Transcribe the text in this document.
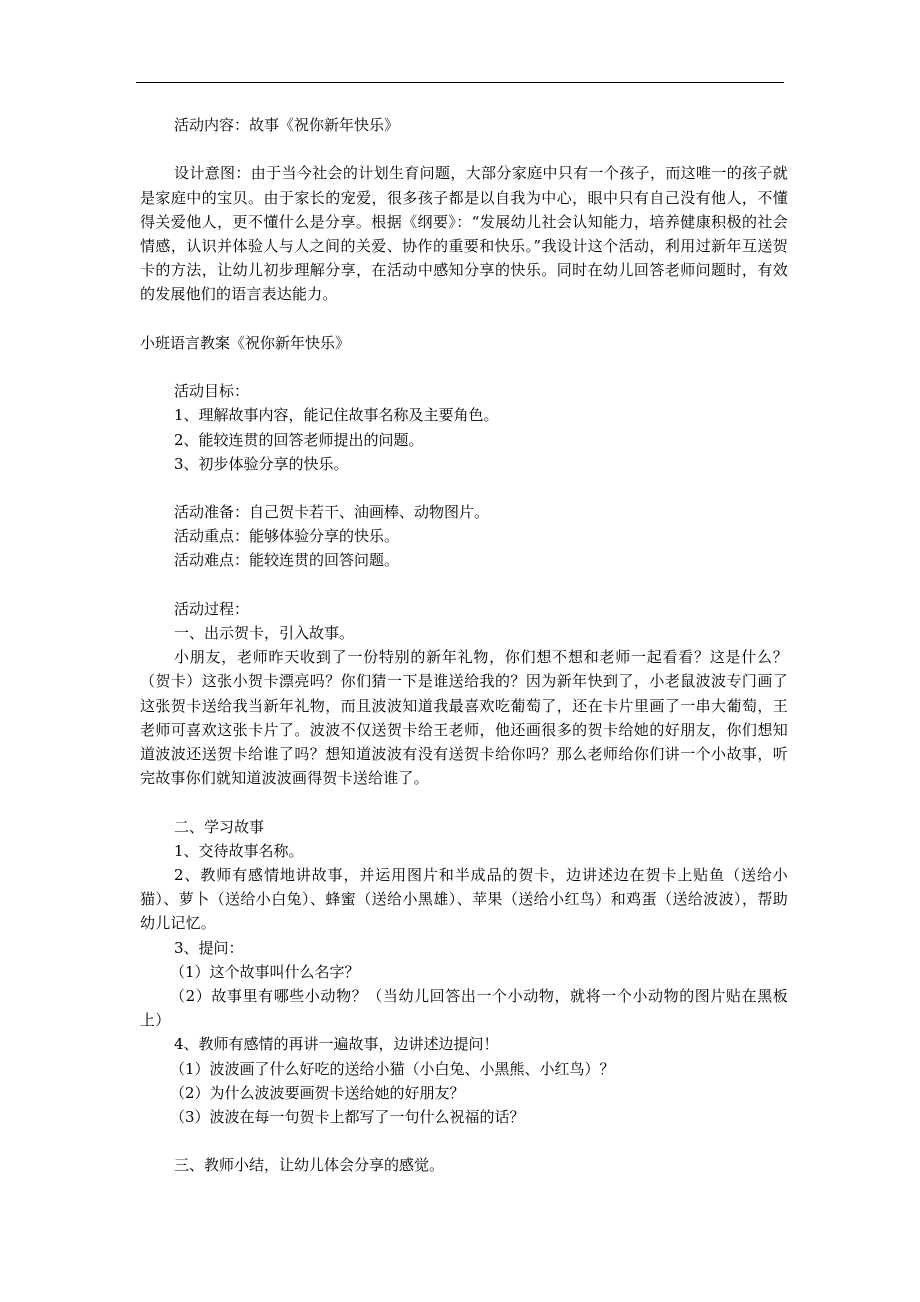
活动内容：故事《祝你新年快乐》
设计意图：由于当今社会的计划生育问题，大部分家庭中只有一个孩子，而这唯一的孩子就是家庭中的宝贝。由于家长的宠爱，很多孩子都是以自我为中心，眼中只有自己没有他人，不懂得关爱他人，更不懂什么是分享。根据《纲要》：“发展幼儿社会认知能力，培养健康积极的社会情感，认识并体验人与人之间的关爱、协作的重要和快乐。”我设计这个活动，利用过新年互送贺卡的方法，让幼儿初步理解分享，在活动中感知分享的快乐。同时在幼儿回答老师问题时，有效的发展他们的语言表达能力。
小班语言教案《祝你新年快乐》
活动目标：
1、理解故事内容，能记住故事名称及主要角色。
2、能较连贯的回答老师提出的问题。
3、初步体验分享的快乐。
活动准备：自己贺卡若干、油画棒、动物图片。
活动重点：能够体验分享的快乐。
活动难点：能较连贯的回答问题。
活动过程：
一、出示贺卡，引入故事。
小朋友，老师昨天收到了一份特别的新年礼物，你们想不想和老师一起看看？这是什么？（贺卡）这张小贺卡漂亮吗？你们猜一下是谁送给我的？因为新年快到了，小老鼠波波专门画了这张贺卡送给我当新年礼物，而且波波知道我最喜欢吃葡萄了，还在卡片里画了一串大葡萄，王老师可喜欢这张卡片了。波波不仅送贺卡给王老师，他还画很多的贺卡给她的好朋友，你们想知道波波还送贺卡给谁了吗？想知道波波有没有送贺卡给你吗？那么老师给你们讲一个小故事，听完故事你们就知道波波画得贺卡送给谁了。
二、学习故事
1、交待故事名称。
2、教师有感情地讲故事，并运用图片和半成品的贺卡，边讲述边在贺卡上贴鱼（送给小猫）、萝卜（送给小白兔）、蜂蜜（送给小黑雄）、苹果（送给小红鸟）和鸡蛋（送给波波），帮助幼儿记忆。
3、提问：
（1）这个故事叫什么名字？
（2）故事里有哪些小动物？（当幼儿回答出一个小动物，就将一个小动物的图片贴在黑板上）
4、教师有感情的再讲一遍故事，边讲述边提问！
（1）波波画了什么好吃的送给小猫（小白兔、小黑熊、小红鸟）？
（2）为什么波波要画贺卡送给她的好朋友？
（3）波波在每一句贺卡上都写了一句什么祝福的话？
三、教师小结，让幼儿体会分享的感觉。
